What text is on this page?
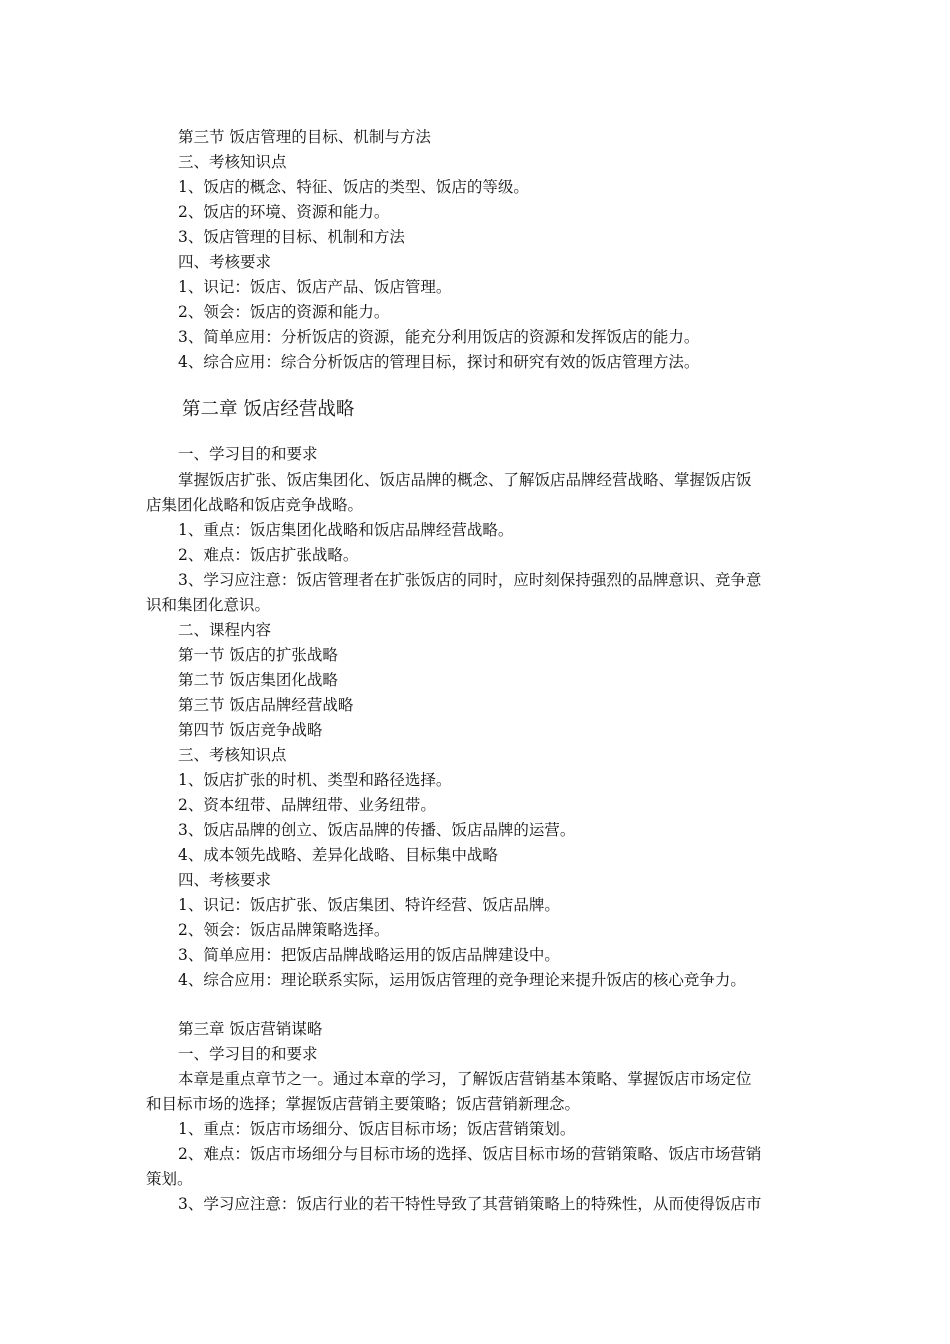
第三节 饭店管理的目标、机制与方法
三、考核知识点
1、饭店的概念、特征、饭店的类型、饭店的等级。
2、饭店的环境、资源和能力。
3、饭店管理的目标、机制和方法
四、考核要求
1、识记：饭店、饭店产品、饭店管理。
2、领会：饭店的资源和能力。
3、简单应用：分析饭店的资源，能充分利用饭店的资源和发挥饭店的能力。
4、综合应用：综合分析饭店的管理目标，探讨和研究有效的饭店管理方法。
第二章 饭店经营战略
一、学习目的和要求
掌握饭店扩张、饭店集团化、饭店品牌的概念、了解饭店品牌经营战略、掌握饭店饭
店集团化战略和饭店竞争战略。
1、重点：饭店集团化战略和饭店品牌经营战略。
2、难点：饭店扩张战略。
3、学习应注意：饭店管理者在扩张饭店的同时，应时刻保持强烈的品牌意识、竞争意
识和集团化意识。
二、课程内容
第一节 饭店的扩张战略
第二节 饭店集团化战略
第三节 饭店品牌经营战略
第四节 饭店竞争战略
三、考核知识点
1、饭店扩张的时机、类型和路径选择。
2、资本纽带、品牌纽带、业务纽带。
3、饭店品牌的创立、饭店品牌的传播、饭店品牌的运营。
4、成本领先战略、差异化战略、目标集中战略
四、考核要求
1、识记：饭店扩张、饭店集团、特许经营、饭店品牌。
2、领会：饭店品牌策略选择。
3、简单应用：把饭店品牌战略运用的饭店品牌建设中。
4、综合应用：理论联系实际，运用饭店管理的竞争理论来提升饭店的核心竞争力。
第三章 饭店营销谋略
一、学习目的和要求
本章是重点章节之一。通过本章的学习，了解饭店营销基本策略、掌握饭店市场定位
和目标市场的选择；掌握饭店营销主要策略；饭店营销新理念。
1、重点：饭店市场细分、饭店目标市场；饭店营销策划。
2、难点：饭店市场细分与目标市场的选择、饭店目标市场的营销策略、饭店市场营销
策划。
3、学习应注意：饭店行业的若干特性导致了其营销策略上的特殊性，从而使得饭店市
